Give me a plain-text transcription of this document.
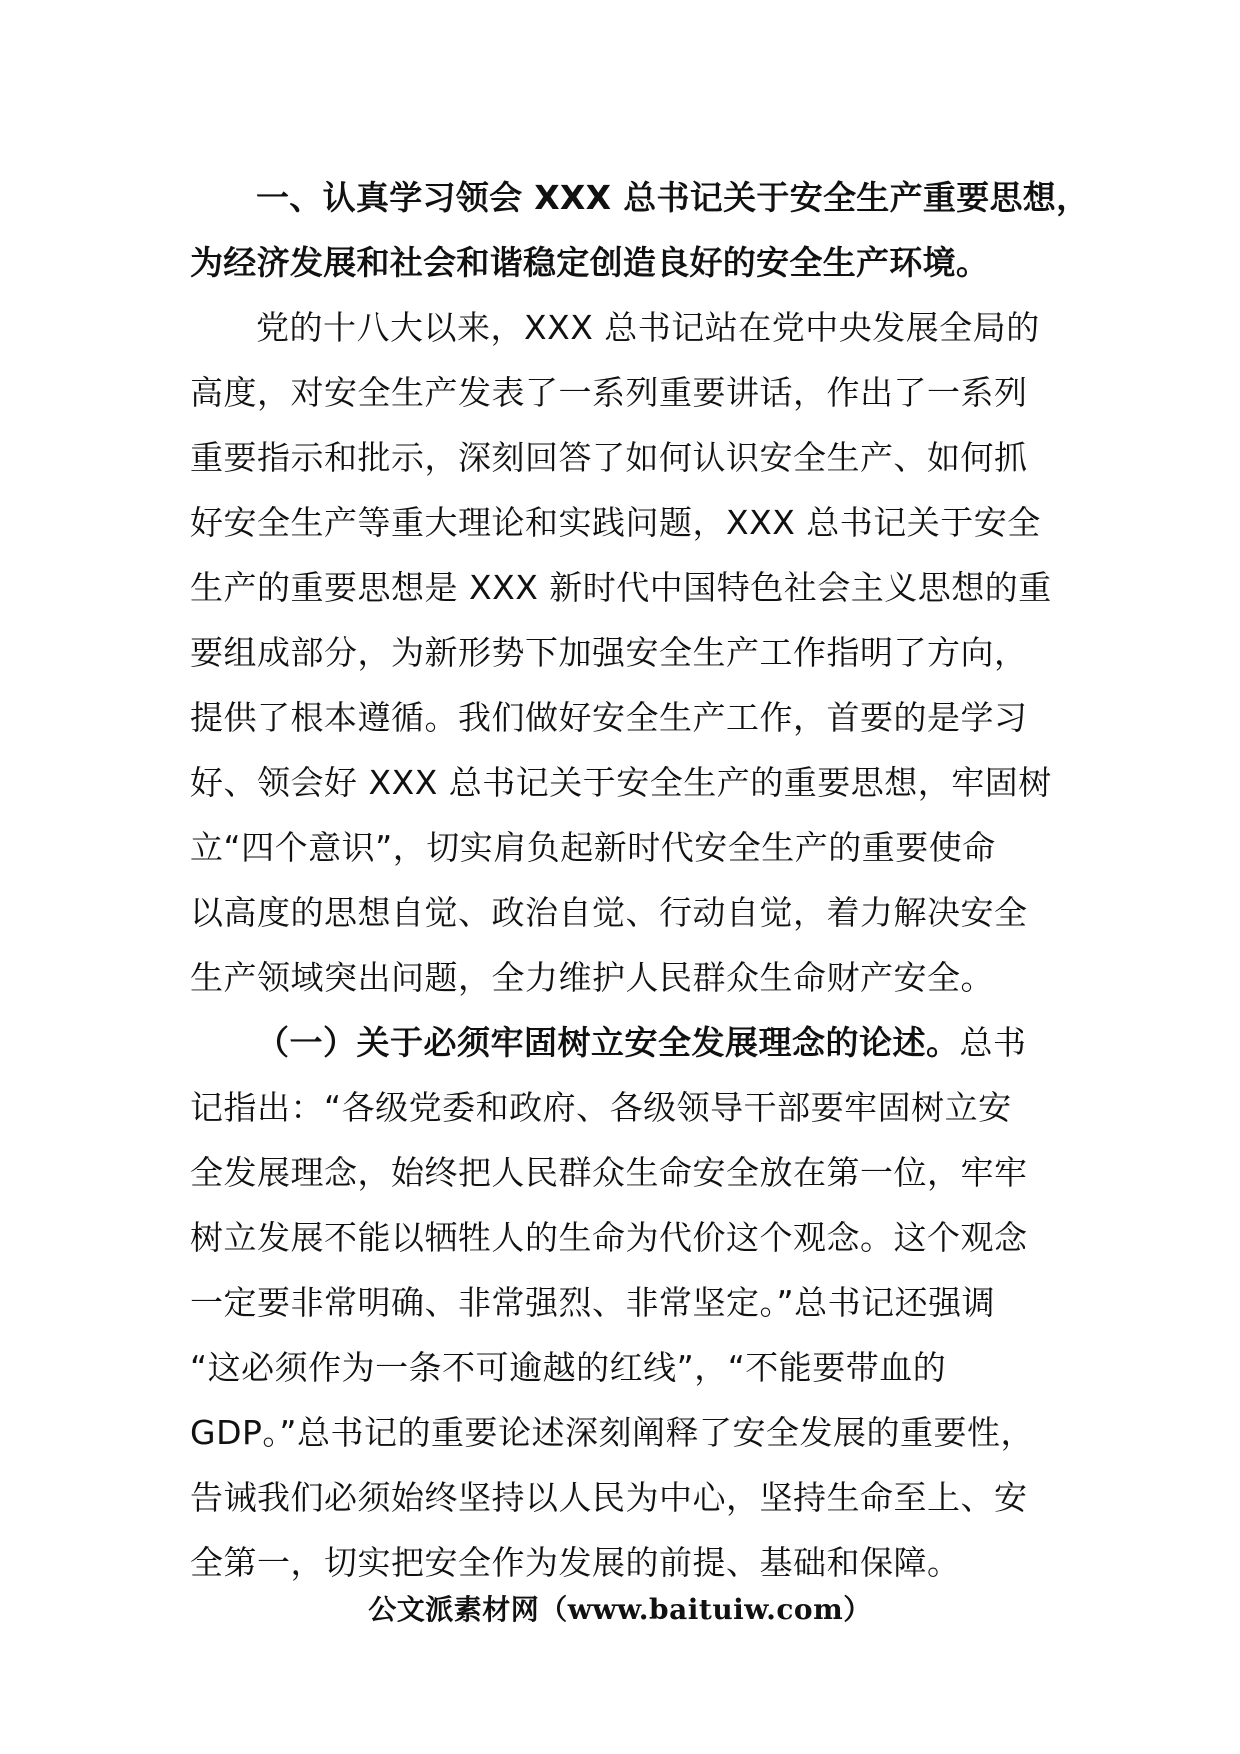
一、认真学习领会 XXX 总书记关于安全生产重要思想，
为经济发展和社会和谐稳定创造良好的安全生产环境。
党的十八大以来，XXX 总书记站在党中央发展全局的
高度，对安全生产发表了一系列重要讲话，作出了一系列
重要指示和批示，深刻回答了如何认识安全生产、如何抓
好安全生产等重大理论和实践问题，XXX 总书记关于安全
生产的重要思想是 XXX 新时代中国特色社会主义思想的重
要组成部分，为新形势下加强安全生产工作指明了方向，
提供了根本遵循。我们做好安全生产工作，首要的是学习
好、领会好 XXX 总书记关于安全生产的重要思想，牢固树
立“四个意识”，切实肩负起新时代安全生产的重要使命
以高度的思想自觉、政治自觉、行动自觉，着力解决安全
生产领域突出问题，全力维护人民群众生命财产安全。
（一）关于必须牢固树立安全发展理念的论述。总书
记指出：“各级党委和政府、各级领导干部要牢固树立安
全发展理念，始终把人民群众生命安全放在第一位，牢牢
树立发展不能以牺牲人的生命为代价这个观念。这个观念
一定要非常明确、非常强烈、非常坚定。”总书记还强调
“这必须作为一条不可逾越的红线”，“不能要带血的
GDP。”总书记的重要论述深刻阐释了安全发展的重要性，
告诫我们必须始终坚持以人民为中心，坚持生命至上、安
全第一，切实把安全作为发展的前提、基础和保障。
公文派素材网（www.baituiw.com）
